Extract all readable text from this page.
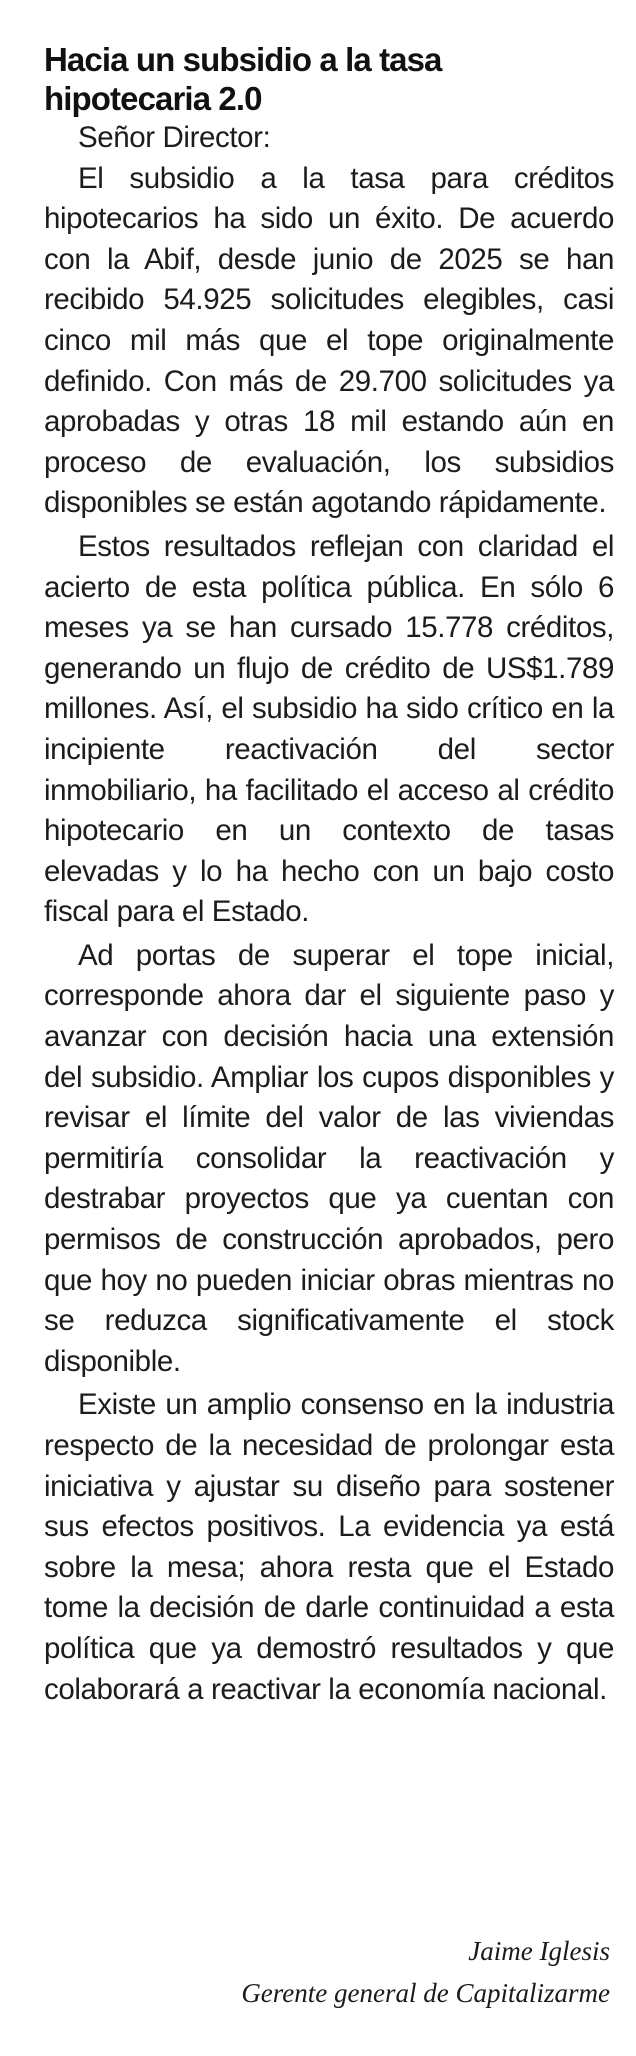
Hacia un subsidio a la tasa
hipotecaria 2.0

Señor Director:

El subsidio a la tasa para créditos hipotecarios ha sido un éxito. De acuerdo con la Abif, desde junio de 2025 se han recibido 54.925 solicitudes elegibles, casi cinco mil más que el tope originalmente definido. Con más de 29.700 solicitudes ya aprobadas y otras 18 mil estando aún en proceso de evaluación, los subsidios disponibles se están agotando rápidamente.

Estos resultados reflejan con claridad el acierto de esta política pública. En sólo 6 meses ya se han cursado 15.778 créditos, generando un flujo de crédito de US$1.789 millones. Así, el subsidio ha sido crítico en la incipiente reactivación del sector inmobiliario, ha facilitado el acceso al crédito hipotecario en un contexto de tasas elevadas y lo ha hecho con un bajo costo fiscal para el Estado.

Ad portas de superar el tope inicial, corresponde ahora dar el siguiente paso y avanzar con decisión hacia una extensión del subsidio. Ampliar los cupos disponibles y revisar el límite del valor de las viviendas permitiría consolidar la reactivación y destrabar proyectos que ya cuentan con permisos de construcción aprobados, pero que hoy no pueden iniciar obras mientras no se reduzca significativamente el stock disponible.

Existe un amplio consenso en la industria respecto de la necesidad de prolongar esta iniciativa y ajustar su diseño para sostener sus efectos positivos. La evidencia ya está sobre la mesa; ahora resta que el Estado tome la decisión de darle continuidad a esta política que ya demostró resultados y que colaborará a reactivar la economía nacional.

Jaime Iglesis
Gerente general de Capitalizarme
